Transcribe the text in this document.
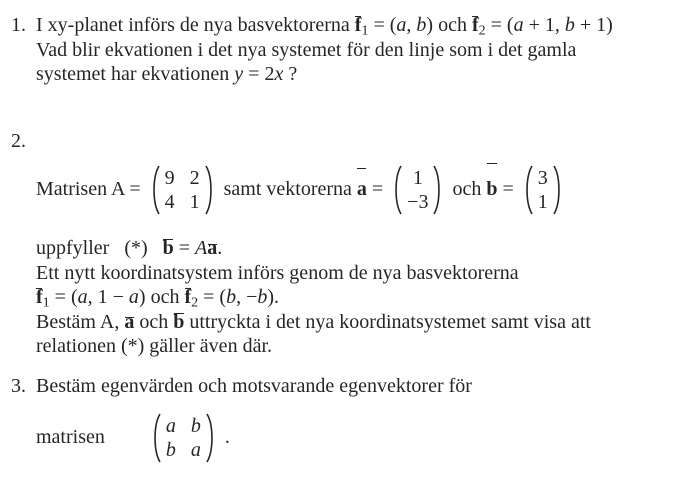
1. I xy-planet införs de nya basvektorerna $f_1 = (a$, b) och $f_2 = (a + 1$, b + 1)
Vad blir ekvationen i det nya systemet för den linje som i det gamla
systemet har ekvationen y = 2x ?
2.
Matrisen A = 9 2
4 1
samt vektorerna a = 1
−3
och b = 3
1
uppfyller (*) b = Aa.
Ett nytt koordinatsystem införs genom de nya basvektorerna
$f_1 = (a$, 1 − a) och $f_2 = (b$, −b).
Bestäm A, a och b uttryckta i det nya koordinatsystemet samt visa att
relationen (*) gäller även där.
3. Bestäm egenvärden och motsvarande egenvektorer för
matrisen	a b
b a
.
